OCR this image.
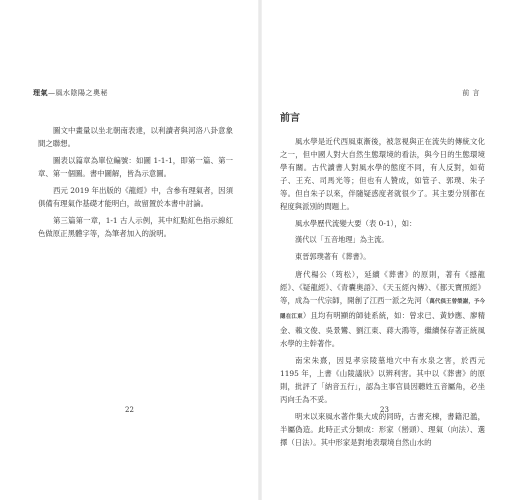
理氣—風水陰陽之奧秘

圖文中畫量以坐北朝南表達，以利讀者與河洛八卦意象間之聯想。

圖表以篇章為單位編號：如圖 1-1-1，即第一篇、第一章、第一個圖。書中圖解，皆為示意圖。

西元 2019 年出版的《龍經》中，含參有理氣者，因須俱備有理氣作基礎才能明白，故留置於本書中討論。

第三篇第一章，1-1 古人示例，其中紅點紅色指示線紅色做原正黑體字等，為筆者加入的說明。

22
前 言
前言

風水學是近代西風東漸後，被忽視與正在流失的傳統文化之一，但中國人對大自然生態環境的看法，與今日的生態環境學有關。古代讀書人對風水學的態度不同，有人反對，如荀子、王充、司馬光等；但也有人贊成，如管子、郭璞、朱子等。但自朱子以來，伴隨疑惑度者就很少了。其主要分別都在程度與派別的問題上。

風水學歷代流變大要（表 0-1），如：

漢代以「五音地理」為主流。
東晉郭璞著有《葬書》。

唐代楊公（筠松），延續《葬書》的原則，著有《撼龍經》、《疑龍經》、《青囊奧語》、《天玉經內傳》、《都天寶照經》等，成為一代宗師，開創了江西一派之先河（萬代俱王曾榮謝，予今隱在江東）且均有明顯的師徒系統，如：曾求已、黃妙應、廖精金、賴文俊、吳景鸞、劉江東、蔣大鴻等，繼續保存著正統風水學的主幹著作。

南宋朱熹，因見孝宗陵墓地穴中有水泉之害，於西元 1195 年，上書《山陵議狀》以辨利害。其中以《葬書》的原則，批評了「納音五行」，認為主事官員因聽姓五音屬角，必坐丙向壬為不妥。

明末以來風水著作集大成的同時，古書充棟，書籍氾濫，半屬偽造。此時正式分類成：形家（巒頭）、理氣（向法）、選擇（日法）。其中形家是對地表環境自然山水的

23
